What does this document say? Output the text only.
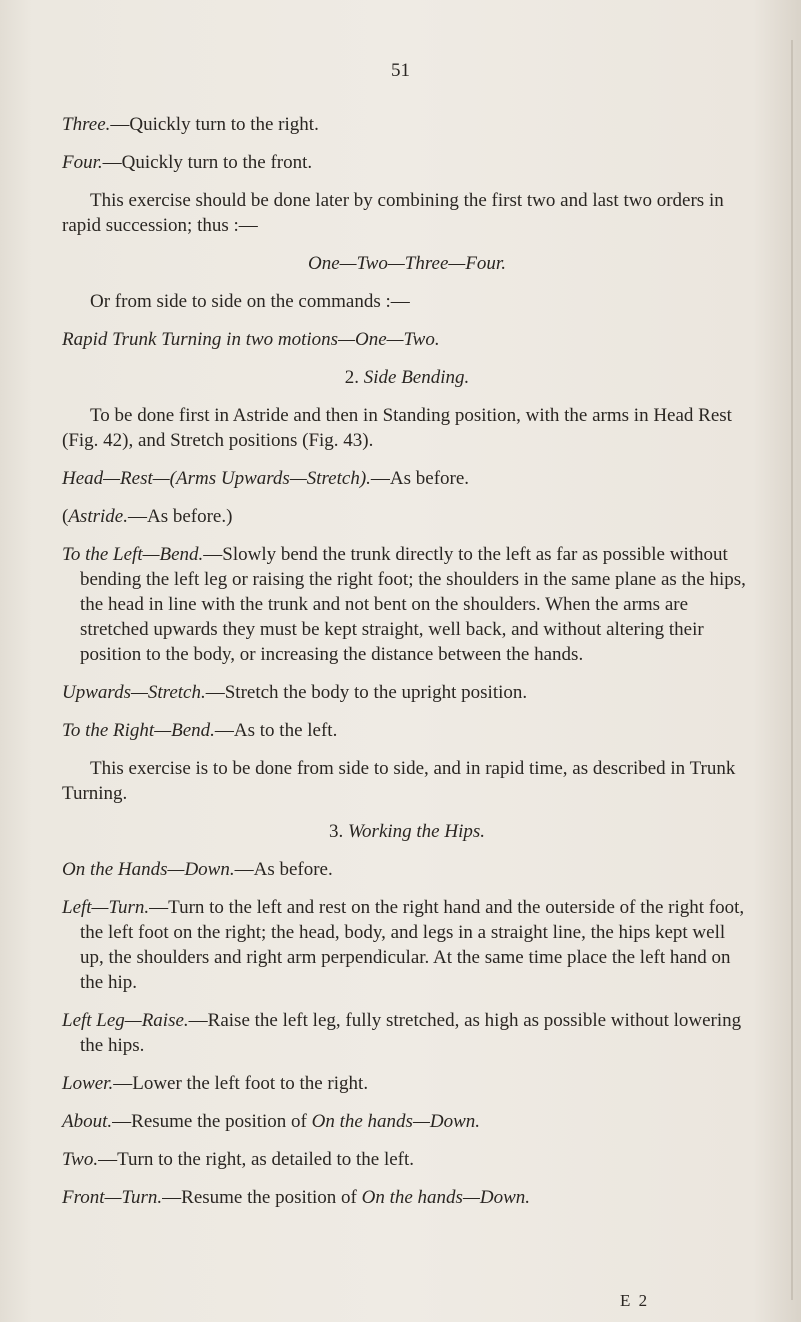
51

Three.—Quickly turn to the right.

Four.—Quickly turn to the front.

This exercise should be done later by combining the first two and last two orders in rapid succession; thus :—

One—Two—Three—Four.

Or from side to side on the commands :—

Rapid Trunk Turning in two motions—One—Two.

2. Side Bending.

To be done first in Astride and then in Standing position, with the arms in Head Rest (Fig. 42), and Stretch positions (Fig. 43).

Head—Rest—(Arms Upwards—Stretch).—As before.

(Astride.—As before.)

To the Left—Bend.—Slowly bend the trunk directly to the left as far as possible without bending the left leg or raising the right foot; the shoulders in the same plane as the hips, the head in line with the trunk and not bent on the shoulders. When the arms are stretched upwards they must be kept straight, well back, and without altering their position to the body, or increasing the distance between the hands.

Upwards—Stretch.—Stretch the body to the upright position.

To the Right—Bend.—As to the left.

This exercise is to be done from side to side, and in rapid time, as described in Trunk Turning.

3. Working the Hips.

On the Hands—Down.—As before.

Left—Turn.—Turn to the left and rest on the right hand and the outerside of the right foot, the left foot on the right; the head, body, and legs in a straight line, the hips kept well up, the shoulders and right arm perpendicular. At the same time place the left hand on the hip.

Left Leg—Raise.—Raise the left leg, fully stretched, as high as possible without lowering the hips.

Lower.—Lower the left foot to the right.

About.—Resume the position of On the hands—Down.

Two.—Turn to the right, as detailed to the left.

Front—Turn.—Resume the position of On the hands—Down.

E 2
